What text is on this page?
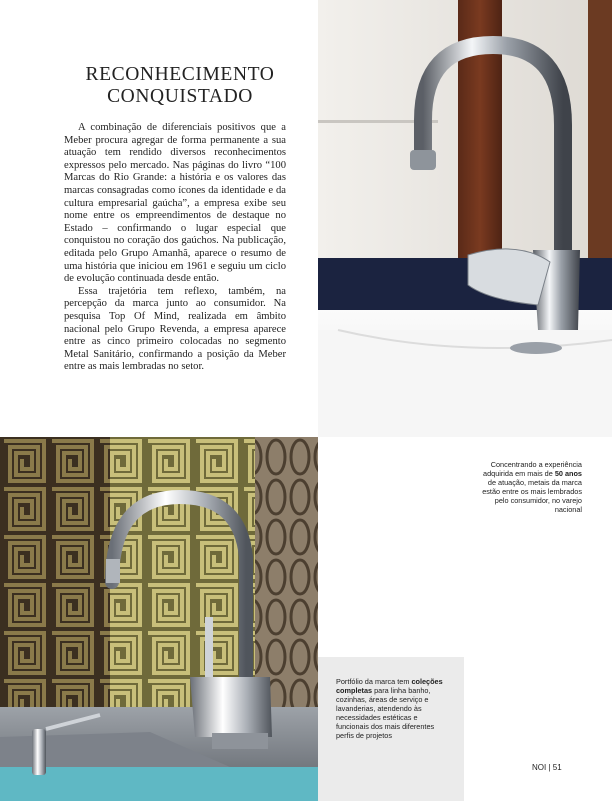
RECONHECIMENTO
CONQUISTADO

A combinação de diferenciais positivos que a Meber procura agregar de forma permanente a sua atuação tem rendido diversos reconhecimentos expressos pelo mercado. Nas páginas do livro “100 Marcas do Rio Grande: a história e os valores das marcas consagradas como ícones da identidade e da cultura empresarial gaúcha”, a empresa exibe seu nome entre os empreendimentos de destaque no Estado – confirmando o lugar especial que conquistou no coração dos gaúchos. Na publicação, editada pelo Grupo Amanhã, aparece o resumo de uma história que iniciou em 1961 e seguiu um ciclo de evolução continuada desde então.

Essa trajetória tem reflexo, também, na percepção da marca junto ao consumidor. Na pesquisa Top Of Mind, realizada em âmbito nacional pelo Grupo Revenda, a empresa aparece entre as cinco primeiro colocadas no segmento Metal Sanitário, confirmando a posição da Meber entre as mais lembradas no setor.

Concentrando a experiência adquirida em mais de 50 anos de atuação, metais da marca estão entre os mais lembrados pelo consumidor, no varejo nacional
Portfólio da marca tem coleções completas para linha banho, cozinhas, áreas de serviço e lavanderias, atendendo às necessidades estéticas e funcionais dos mais diferentes perfis de projetos
NOI | 51
